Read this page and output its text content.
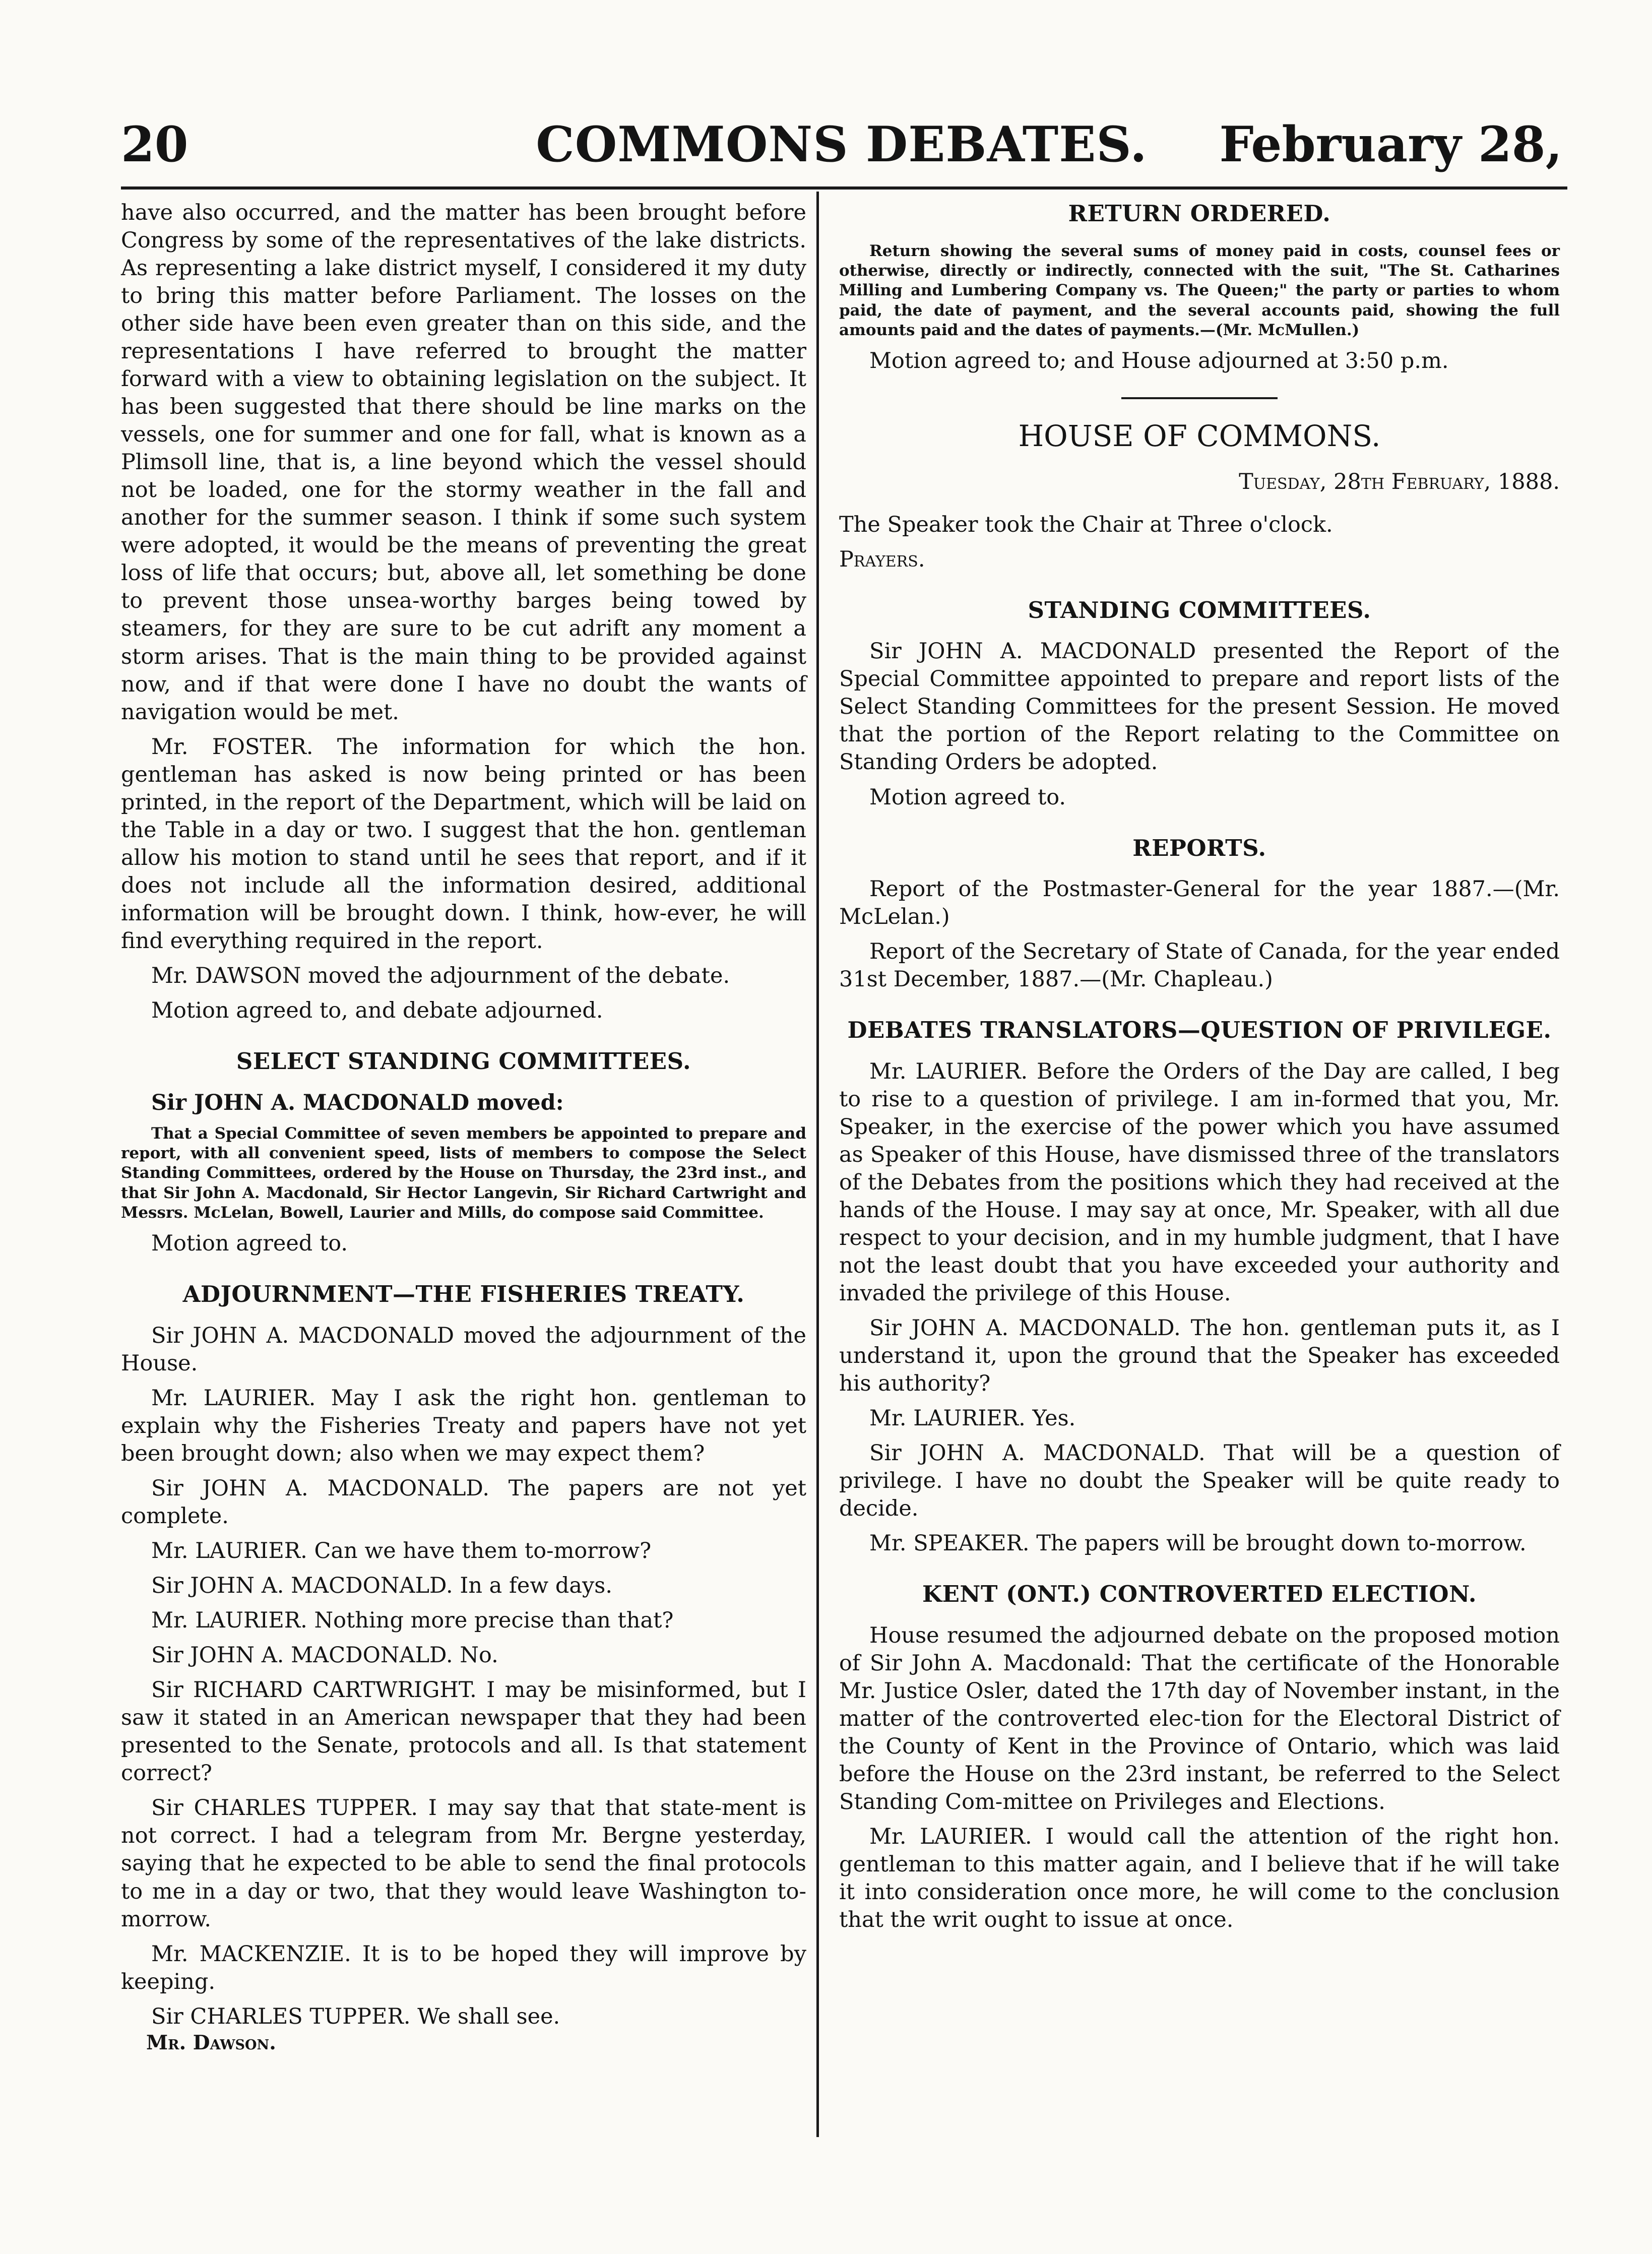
20	COMMONS DEBATES.	February 28,

have also occurred, and the matter has been brought before Congress by some of the representatives of the lake districts. As representing a lake district myself, I considered it my duty to bring this matter before Parliament. The losses on the other side have been even greater than on this side, and the representations I have referred to brought the matter forward with a view to obtaining legislation on the subject. It has been suggested that there should be line marks on the vessels, one for summer and one for fall, what is known as a Plimsoll line, that is, a line beyond which the vessel should not be loaded, one for the stormy weather in the fall and another for the summer season. I think if some such system were adopted, it would be the means of preventing the great loss of life that occurs; but, above all, let something be done to prevent those unsea-worthy barges being towed by steamers, for they are sure to be cut adrift any moment a storm arises. That is the main thing to be provided against now, and if that were done I have no doubt the wants of navigation would be met.

Mr. FOSTER. The information for which the hon. gentleman has asked is now being printed or has been printed, in the report of the Department, which will be laid on the Table in a day or two. I suggest that the hon. gentleman allow his motion to stand until he sees that report, and if it does not include all the information desired, additional information will be brought down. I think, how-ever, he will find everything required in the report.

Mr. DAWSON moved the adjournment of the debate.

Motion agreed to, and debate adjourned.

SELECT STANDING COMMITTEES.

Sir JOHN A. MACDONALD moved:

That a Special Committee of seven members be appointed to prepare and report, with all convenient speed, lists of members to compose the Select Standing Committees, ordered by the House on Thursday, the 23rd inst., and that Sir John A. Macdonald, Sir Hector Langevin, Sir Richard Cartwright and Messrs. McLelan, Bowell, Laurier and Mills, do compose said Committee.

Motion agreed to.

ADJOURNMENT—THE FISHERIES TREATY.

Sir JOHN A. MACDONALD moved the adjournment of the House.

Mr. LAURIER. May I ask the right hon. gentleman to explain why the Fisheries Treaty and papers have not yet been brought down; also when we may expect them?

Sir JOHN A. MACDONALD. The papers are not yet complete.

Mr. LAURIER. Can we have them to-morrow?

Sir JOHN A. MACDONALD. In a few days.

Mr. LAURIER. Nothing more precise than that?

Sir JOHN A. MACDONALD. No.

Sir RICHARD CARTWRIGHT. I may be misinformed, but I saw it stated in an American newspaper that they had been presented to the Senate, protocols and all. Is that statement correct?

Sir CHARLES TUPPER. I may say that that state-ment is not correct. I had a telegram from Mr. Bergne yesterday, saying that he expected to be able to send the final protocols to me in a day or two, that they would leave Washington to-morrow.

Mr. MACKENZIE. It is to be hoped they will improve by keeping.

Sir CHARLES TUPPER. We shall see.

Mr. Dawson.
RETURN ORDERED.

Return showing the several sums of money paid in costs, counsel fees or otherwise, directly or indirectly, connected with the suit, "The St. Catharines Milling and Lumbering Company vs. The Queen;" the party or parties to whom paid, the date of payment, and the several accounts paid, showing the full amounts paid and the dates of payments.—(Mr. McMullen.)

Motion agreed to; and House adjourned at 3:50 p.m.

HOUSE OF COMMONS.
Tuesday, 28th February, 1888.

The Speaker took the Chair at Three o'clock.

Prayers.

STANDING COMMITTEES.

Sir JOHN A. MACDONALD presented the Report of the Special Committee appointed to prepare and report lists of the Select Standing Committees for the present Session. He moved that the portion of the Report relating to the Committee on Standing Orders be adopted.

Motion agreed to.

REPORTS.

Report of the Postmaster-General for the year 1887.—(Mr. McLelan.)

Report of the Secretary of State of Canada, for the year ended 31st December, 1887.—(Mr. Chapleau.)

DEBATES TRANSLATORS—QUESTION OF PRIVILEGE.

Mr. LAURIER. Before the Orders of the Day are called, I beg to rise to a question of privilege. I am in-formed that you, Mr. Speaker, in the exercise of the power which you have assumed as Speaker of this House, have dismissed three of the translators of the Debates from the positions which they had received at the hands of the House. I may say at once, Mr. Speaker, with all due respect to your decision, and in my humble judgment, that I have not the least doubt that you have exceeded your authority and invaded the privilege of this House.

Sir JOHN A. MACDONALD. The hon. gentleman puts it, as I understand it, upon the ground that the Speaker has exceeded his authority?

Mr. LAURIER. Yes.

Sir JOHN A. MACDONALD. That will be a question of privilege. I have no doubt the Speaker will be quite ready to decide.

Mr. SPEAKER. The papers will be brought down to-morrow.

KENT (ONT.) CONTROVERTED ELECTION.

House resumed the adjourned debate on the proposed motion of Sir John A. Macdonald: That the certificate of the Honorable Mr. Justice Osler, dated the 17th day of November instant, in the matter of the controverted elec-tion for the Electoral District of the County of Kent in the Province of Ontario, which was laid before the House on the 23rd instant, be referred to the Select Standing Com-mittee on Privileges and Elections.

Mr. LAURIER. I would call the attention of the right hon. gentleman to this matter again, and I believe that if he will take it into consideration once more, he will come to the conclusion that the writ ought to issue at once.
